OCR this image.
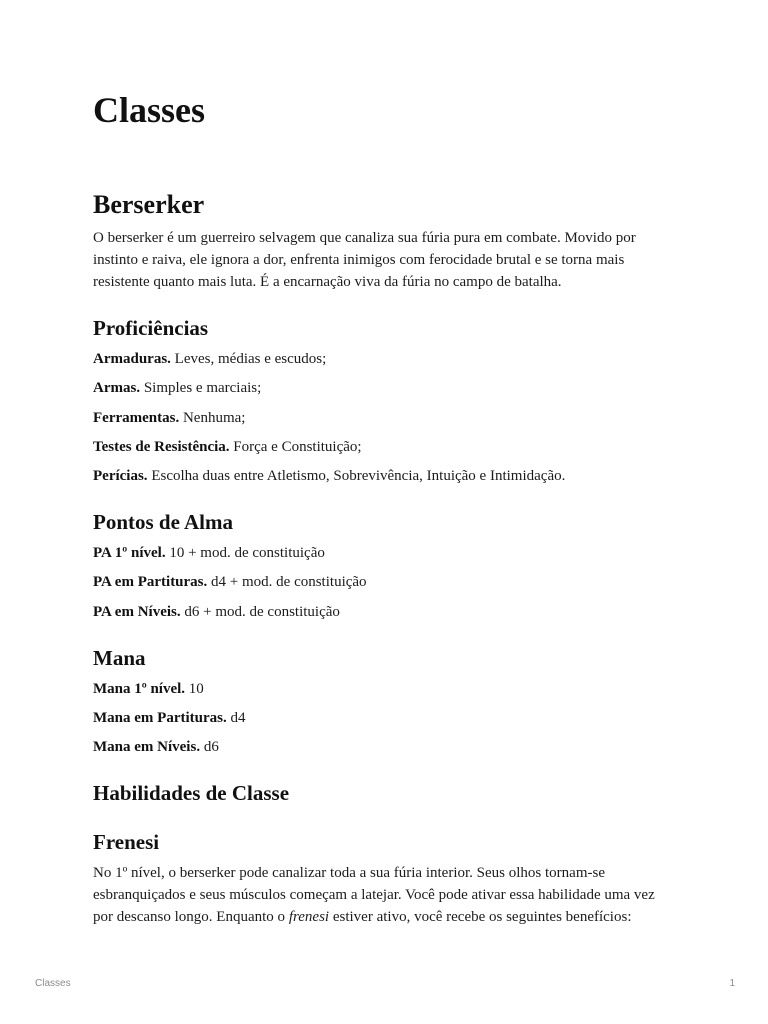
Classes
Berserker
O berserker é um guerreiro selvagem que canaliza sua fúria pura em combate. Movido por
instinto e raiva, ele ignora a dor, enfrenta inimigos com ferocidade brutal e se torna mais
resistente quanto mais luta. É a encarnação viva da fúria no campo de batalha.
Proficiências
Armaduras. Leves, médias e escudos;
Armas. Simples e marciais;
Ferramentas. Nenhuma;
Testes de Resistência. Força e Constituição;
Perícias. Escolha duas entre Atletismo, Sobrevivência, Intuição e Intimidação.
Pontos de Alma
PA 1º nível. 10 + mod. de constituição
PA em Partituras. d4 + mod. de constituição
PA em Níveis. d6 + mod. de constituição
Mana
Mana 1º nível. 10
Mana em Partituras. d4
Mana em Níveis. d6
Habilidades de Classe
Frenesi
No 1º nível, o berserker pode canalizar toda a sua fúria interior. Seus olhos tornam-se
esbranquiçados e seus músculos começam a latejar. Você pode ativar essa habilidade uma vez
por descanso longo. Enquanto o frenesi estiver ativo, você recebe os seguintes benefícios:
Classes	1
